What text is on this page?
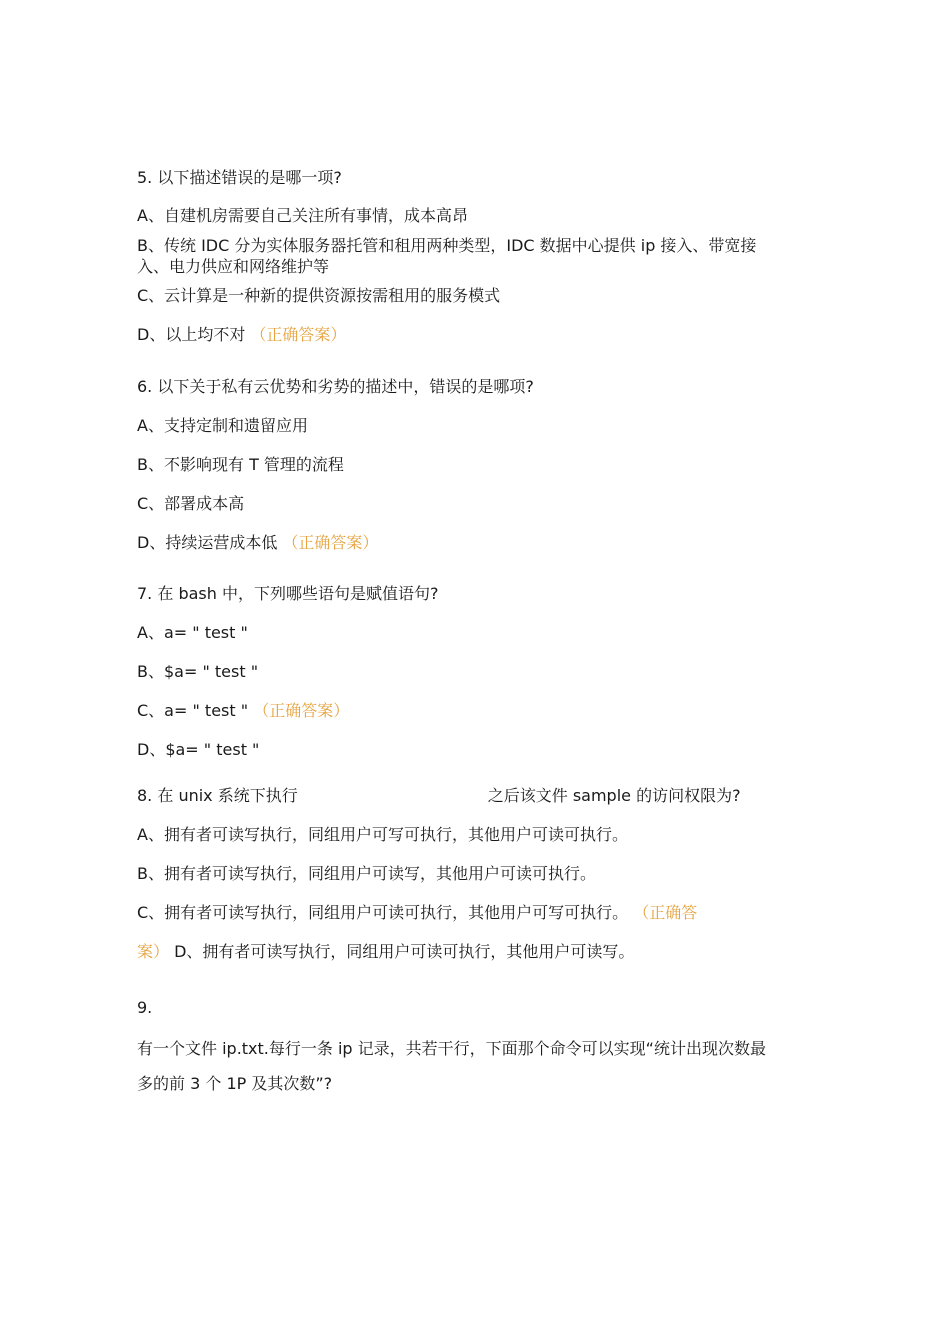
5. 以下描述错误的是哪一项?
A、自建机房需要自己关注所有事情，成本高昂
B、传统 IDC 分为实体服务器托管和租用两种类型，IDC 数据中心提供 ip 接入、带宽接
入、电力供应和网络维护等
C、云计算是一种新的提供资源按需租用的服务模式
D、以上均不对 （正确答案）
6. 以下关于私有云优势和劣势的描述中，错误的是哪项?
A、支持定制和遗留应用
B、不影响现有 T 管理的流程
C、部署成本高
D、持续运营成本低 （正确答案）
7. 在 bash 中，下列哪些语句是赋值语句?
A、a= " test "
B、$a= " test "
C、a= " test " （正确答案）
D、$a= " test "
8. 在 unix 系统下执行	之后该文件 sample 的访问权限为?
A、拥有者可读写执行，同组用户可写可执行，其他用户可读可执行。
B、拥有者可读写执行，同组用户可读写，其他用户可读可执行。
C、拥有者可读写执行，同组用户可读可执行，其他用户可写可执行。 （正确答
案） D、拥有者可读写执行，同组用户可读可执行，其他用户可读写。
9.
有一个文件 ip.txt.每行一条 ip 记录，共若干行，下面那个命令可以实现“统计出现次数最
多的前 3 个 1P 及其次数”?
